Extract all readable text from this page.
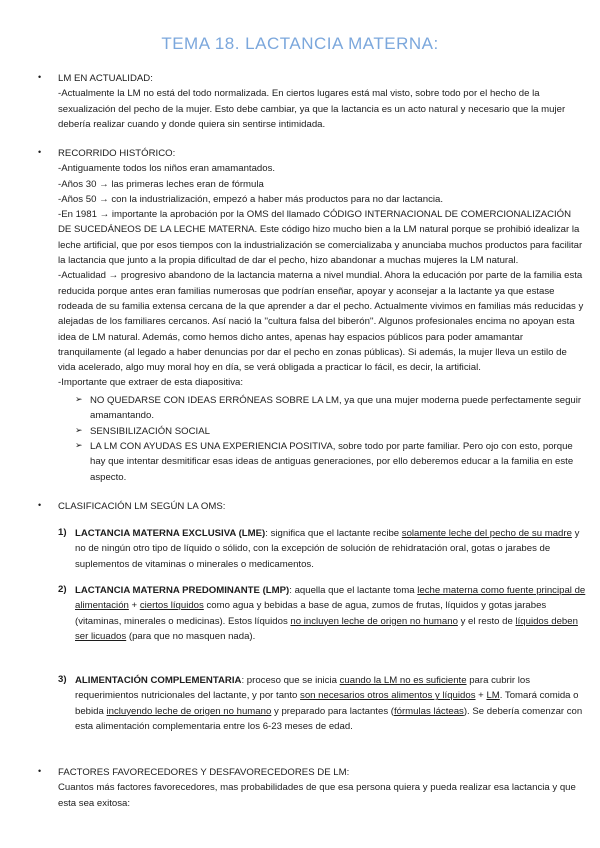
TEMA 18. LACTANCIA MATERNA:
• LM EN ACTUALIDAD:

-Actualmente la LM no está del todo normalizada. En ciertos lugares está mal visto, sobre todo por el hecho de la sexualización del pecho de la mujer. Esto debe cambiar, ya que la lactancia es un acto natural y necesario que la mujer debería realizar cuando y donde quiera sin sentirse intimidada.

• RECORRIDO HISTÓRICO:

-Antiguamente todos los niños eran amamantados.

-Años 30 → las primeras leches eran de fórmula

-Años 50 → con la industrialización, empezó a haber más productos para no dar lactancia.

-En 1981 → importante la aprobación por la OMS del llamado CÓDIGO INTERNACIONAL DE COMERCIONALIZACIÓN DE SUCEDÁNEOS DE LA LECHE MATERNA. Este código hizo mucho bien a la LM natural porque se prohibió idealizar la leche artificial, que por esos tiempos con la industrialización se comercializaba y anunciaba muchos productos para facilitar la lactancia que junto a la propia dificultad de dar el pecho, hizo abandonar a muchas mujeres la LM natural.

-Actualidad → progresivo abandono de la lactancia materna a nivel mundial. Ahora la educación por parte de la familia esta reducida porque antes eran familias numerosas que podrían enseñar, apoyar y aconsejar a la lactante ya que estase rodeada de su familia extensa cercana de la que aprender a dar el pecho. Actualmente vivimos en familias más reducidas y alejadas de los familiares cercanos. Así nació la ''cultura falsa del biberón''. Algunos profesionales encima no apoyan esta idea de LM natural. Además, como hemos dicho antes, apenas hay espacios públicos para poder amamantar tranquilamente (al legado a haber denuncias por dar el pecho en zonas públicas). Si además, la mujer lleva un estilo de vida acelerado, algo muy moral hoy en día, se verá obligada a practicar lo fácil, es decir, la artificial.

-Importante que extraer de esta diapositiva:

➢ NO QUEDARSE CON IDEAS ERRÓNEAS SOBRE LA LM, ya que una mujer moderna puede perfectamente seguir amamantando.
➢ SENSIBILIZACIÓN SOCIAL
➢ LA LM CON AYUDAS ES UNA EXPERIENCIA POSITIVA, sobre todo por parte familiar. Pero ojo con esto, porque hay que intentar desmitificar esas ideas de antiguas generaciones, por ello deberemos educar a la familia en este aspecto.
• CLASIFICACIÓN LM SEGÚN LA OMS:
1) LACTANCIA MATERNA EXCLUSIVA (LME): significa que el lactante recibe solamente leche del pecho de su madre y no de ningún otro tipo de líquido o sólido, con la excepción de solución de rehidratación oral, gotas o jarabes de suplementos de vitaminas o minerales o medicamentos.
2) LACTANCIA MATERNA PREDOMINANTE (LMP): aquella que el lactante toma leche materna como fuente principal de alimentación + ciertos líquidos como agua y bebidas a base de agua, zumos de frutas, líquidos y gotas jarabes (vitaminas, minerales o medicinas). Estos líquidos no incluyen leche de origen no humano y el resto de líquidos deben ser licuados (para que no masquen nada).
3) ALIMENTACIÓN COMPLEMENTARIA: proceso que se inicia cuando la LM no es suficiente para cubrir los requerimientos nutricionales del lactante, y por tanto son necesarios otros alimentos y líquidos + LM. Tomará comida o bebida incluyendo leche de origen no humano y preparado para lactantes (fórmulas lácteas). Se debería comenzar con esta alimentación complementaria entre los 6-23 meses de edad.
• FACTORES FAVORECEDORES Y DESFAVORECEDORES DE LM:

Cuantos más factores favorecedores, mas probabilidades de que esa persona quiera y pueda realizar esa lactancia y que esta sea exitosa:
